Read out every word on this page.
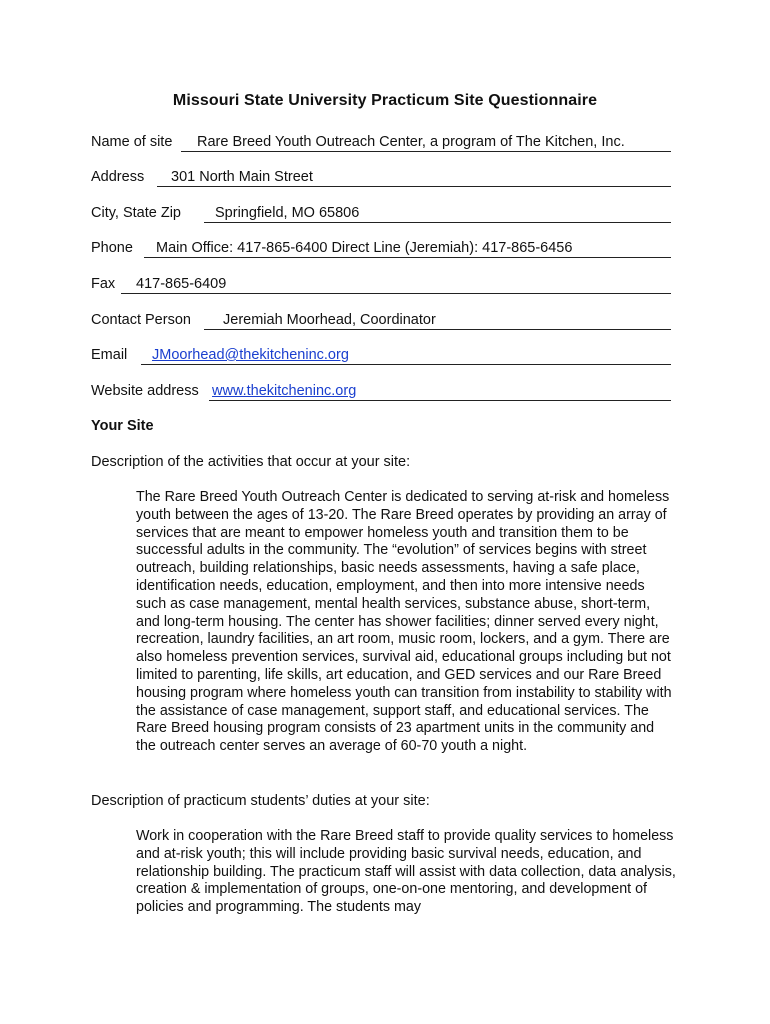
Missouri State University Practicum Site Questionnaire
Name of site Rare Breed Youth Outreach Center, a program of The Kitchen, Inc.
Address 301 North Main Street
City, State Zip Springfield, MO 65806
Phone Main Office: 417-865-6400 Direct Line (Jeremiah): 417-865-6456
Fax 417-865-6409
Contact Person Jeremiah Moorhead, Coordinator
Email JMoorhead@thekitcheninc.org
Website address www.thekitcheninc.org
Your Site
Description of the activities that occur at your site:
The Rare Breed Youth Outreach Center is dedicated to serving at-risk and homeless youth between the ages of 13-20. The Rare Breed operates by providing an array of services that are meant to empower homeless youth and transition them to be successful adults in the community. The “evolution” of services begins with street outreach, building relationships, basic needs assessments, having a safe place, identification needs, education, employment, and then into more intensive needs such as case management, mental health services, substance abuse, short-term, and long-term housing. The center has shower facilities; dinner served every night, recreation, laundry facilities, an art room, music room, lockers, and a gym. There are also homeless prevention services, survival aid, educational groups including but not limited to parenting, life skills, art education, and GED services and our Rare Breed housing program where homeless youth can transition from instability to stability with the assistance of case management, support staff, and educational services. The Rare Breed housing program consists of 23 apartment units in the community and the outreach center serves an average of 60-70 youth a night.
Description of practicum students’ duties at your site:
Work in cooperation with the Rare Breed staff to provide quality services to homeless and at-risk youth; this will include providing basic survival needs, education, and relationship building. The practicum staff will assist with data collection, data analysis, creation & implementation of groups, one-on-one mentoring, and development of policies and programming. The students may
